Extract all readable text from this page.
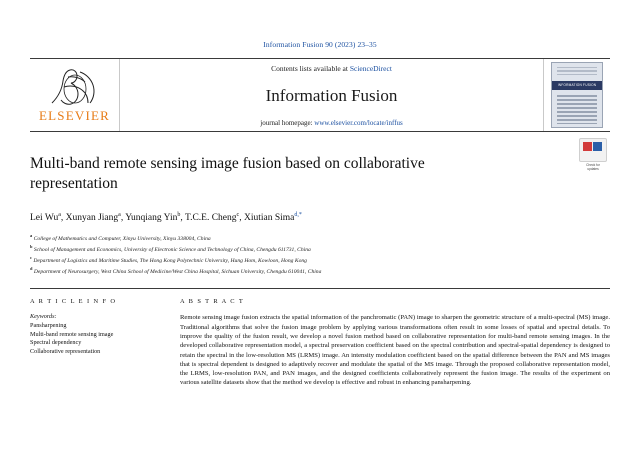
Information Fusion 90 (2023) 23–35
ELSEVIER
Contents lists available at ScienceDirect
Information Fusion
journal homepage: www.elsevier.com/locate/inffus
INFORMATION FUSION
Check for
updates
Multi-band remote sensing image fusion based on collaborative representation
Lei Wu$^a$, Xunyan Jiang$^a$, Yunqiang Yin$^b$, T.C.E. Cheng$^c$, Xiutian Sima$^{d,*}$
$^a$ College of Mathematics and Computer, Xinyu University, Xinyu 338004, China
$^b$ School of Management and Economics, University of Electronic Science and Technology of China, Chengdu 611731, China
$^c$ Department of Logistics and Maritime Studies, The Hong Kong Polytechnic University, Hung Hom, Kowloon, Hong Kong
$^d$ Department of Neurosurgery, West China School of Medicine/West China Hospital, Sichuan University, Chengdu 610041, China
A R T I C L E I N F O
Keywords:
Pansharpening
Multi-band remote sensing image
Spectral dependency
Collaborative representation
A B S T R A C T
Remote sensing image fusion extracts the spatial information of the panchromatic (PAN) image to sharpen the geometric structure of a multi-spectral (MS) image. Traditional algorithms that solve the fusion image problem by applying various transformations often result in some losses of spatial and spectral details. To improve the quality of the fusion result, we develop a novel fusion method based on collaborative representation for multi-band remote sensing images. In the developed collaborative representation model, a spectral preservation coefficient based on the spectral contribution and spectral-spatial dependency is designed to retain the spectral in the low-resolution MS (LRMS) image. An intensity modulation coefficient based on the spatial difference between the PAN and MS images that is spectral dependent is designed to adaptively recover and modulate the spatial of the MS image. Through the proposed collaborative representation model, the LRMS, low-resolution PAN, and PAN images, and the designed coefficients collaboratively represent the fusion image. The results of the experiment on various satellite datasets show that the method we develop is effective and robust in enhancing pansharpening.
